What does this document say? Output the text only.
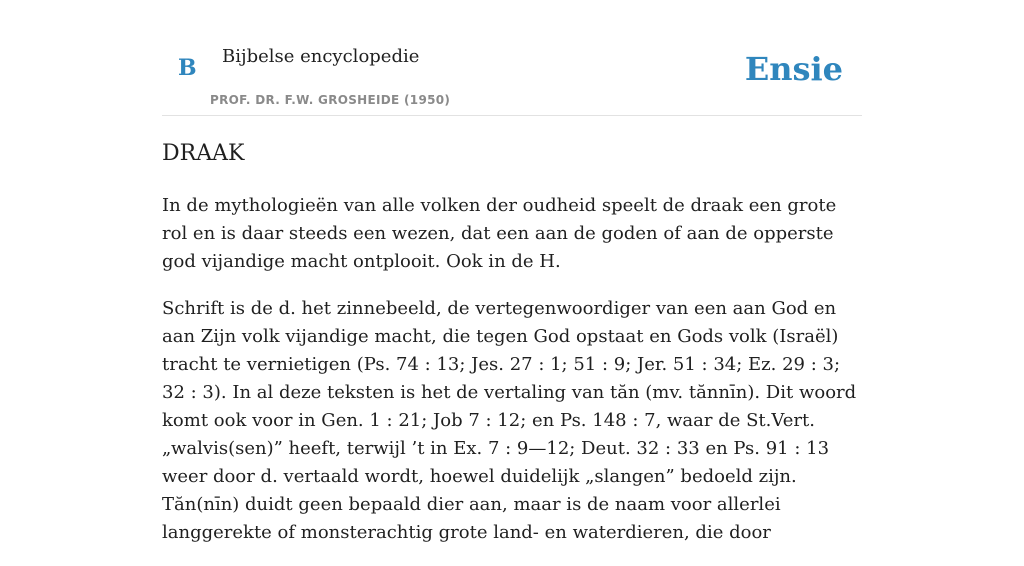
B Bijbelse encyclopedie
PROF. DR. F.W. GROSHEIDE (1950)
Ensie
DRAAK

In de mythologieën van alle volken der oudheid speelt de draak een grote rol en is daar steeds een wezen, dat een aan de goden of aan de opperste god vijandige macht ontplooit. Ook in de H.

Schrift is de d. het zinnebeeld, de vertegenwoordiger van een aan God en aan Zijn volk vijandige macht, die tegen God opstaat en Gods volk (Israël) tracht te vernietigen (Ps. 74 : 13; Jes. 27 : 1; 51 : 9; Jer. 51 : 34; Ez. 29 : 3; 32 : 3). In al deze teksten is het de vertaling van tăn (mv. tănnīn). Dit woord komt ook voor in Gen. 1 : 21; Job 7 : 12; en Ps. 148 : 7, waar de St.Vert. „walvis(sen)” heeft, terwijl ’t in Ex. 7 : 9—12; Deut. 32 : 33 en Ps. 91 : 13 weer door d. vertaald wordt, hoewel duidelijk „slangen” bedoeld zijn. Tăn(nīn) duidt geen bepaald dier aan, maar is de naam voor allerlei langgerekte of monsterachtig grote land- en waterdieren, die door
